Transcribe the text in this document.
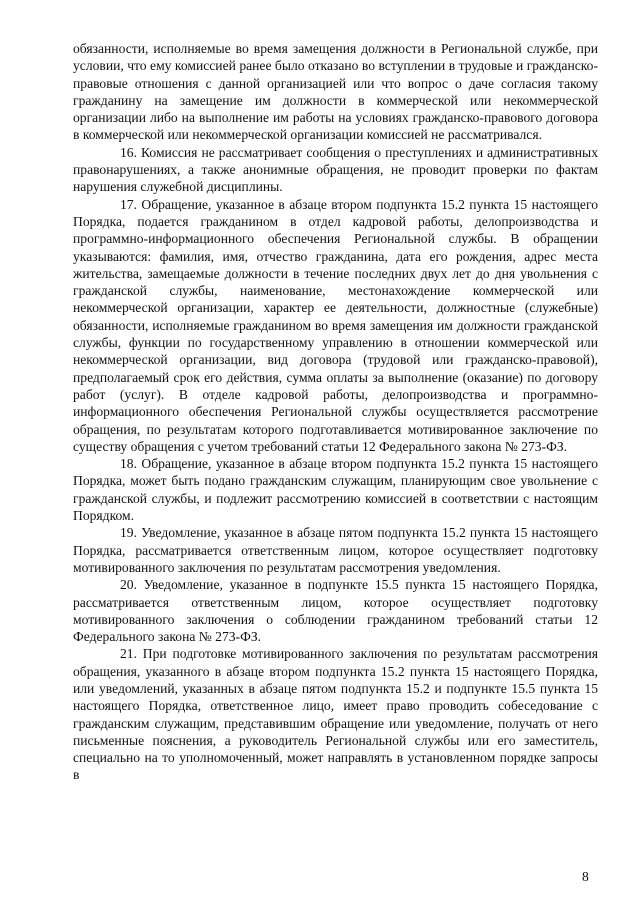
обязанности, исполняемые во время замещения должности в Региональной службе, при условии, что ему комиссией ранее было отказано во вступлении в трудовые и гражданско-правовые отношения с данной организацией или что вопрос о даче согласия такому гражданину на замещение им должности в коммерческой или некоммерческой организации либо на выполнение им работы на условиях гражданско-правового договора в коммерческой или некоммерческой организации комиссией не рассматривался.

16. Комиссия не рассматривает сообщения о преступлениях и административных правонарушениях, а также анонимные обращения, не проводит проверки по фактам нарушения служебной дисциплины.

17. Обращение, указанное в абзаце втором подпункта 15.2 пункта 15 настоящего Порядка, подается гражданином в отдел кадровой работы, делопроизводства и программно-информационного обеспечения Региональной службы. В обращении указываются: фамилия, имя, отчество гражданина, дата его рождения, адрес места жительства, замещаемые должности в течение последних двух лет до дня увольнения с гражданской службы, наименование, местонахождение коммерческой или некоммерческой организации, характер ее деятельности, должностные (служебные) обязанности, исполняемые гражданином во время замещения им должности гражданской службы, функции по государственному управлению в отношении коммерческой или некоммерческой организации, вид договора (трудовой или гражданско-правовой), предполагаемый срок его действия, сумма оплаты за выполнение (оказание) по договору работ (услуг). В отделе кадровой работы, делопроизводства и программно-информационного обеспечения Региональной службы осуществляется рассмотрение обращения, по результатам которого подготавливается мотивированное заключение по существу обращения с учетом требований статьи 12 Федерального закона № 273-ФЗ.

18. Обращение, указанное в абзаце втором подпункта 15.2 пункта 15 настоящего Порядка, может быть подано гражданским служащим, планирующим свое увольнение с гражданской службы, и подлежит рассмотрению комиссией в соответствии с настоящим Порядком.

19. Уведомление, указанное в абзаце пятом подпункта 15.2 пункта 15 настоящего Порядка, рассматривается ответственным лицом, которое осуществляет подготовку мотивированного заключения по результатам рассмотрения уведомления.

20. Уведомление, указанное в подпункте 15.5 пункта 15 настоящего Порядка, рассматривается ответственным лицом, которое осуществляет подготовку мотивированного заключения о соблюдении гражданином требований статьи 12 Федерального закона № 273-ФЗ.

21. При подготовке мотивированного заключения по результатам рассмотрения обращения, указанного в абзаце втором подпункта 15.2 пункта 15 настоящего Порядка, или уведомлений, указанных в абзаце пятом подпункта 15.2 и подпункте 15.5 пункта 15 настоящего Порядка, ответственное лицо, имеет право проводить собеседование с гражданским служащим, представившим обращение или уведомление, получать от него письменные пояснения, а руководитель Региональной службы или его заместитель, специально на то уполномоченный, может направлять в установленном порядке запросы в

8
